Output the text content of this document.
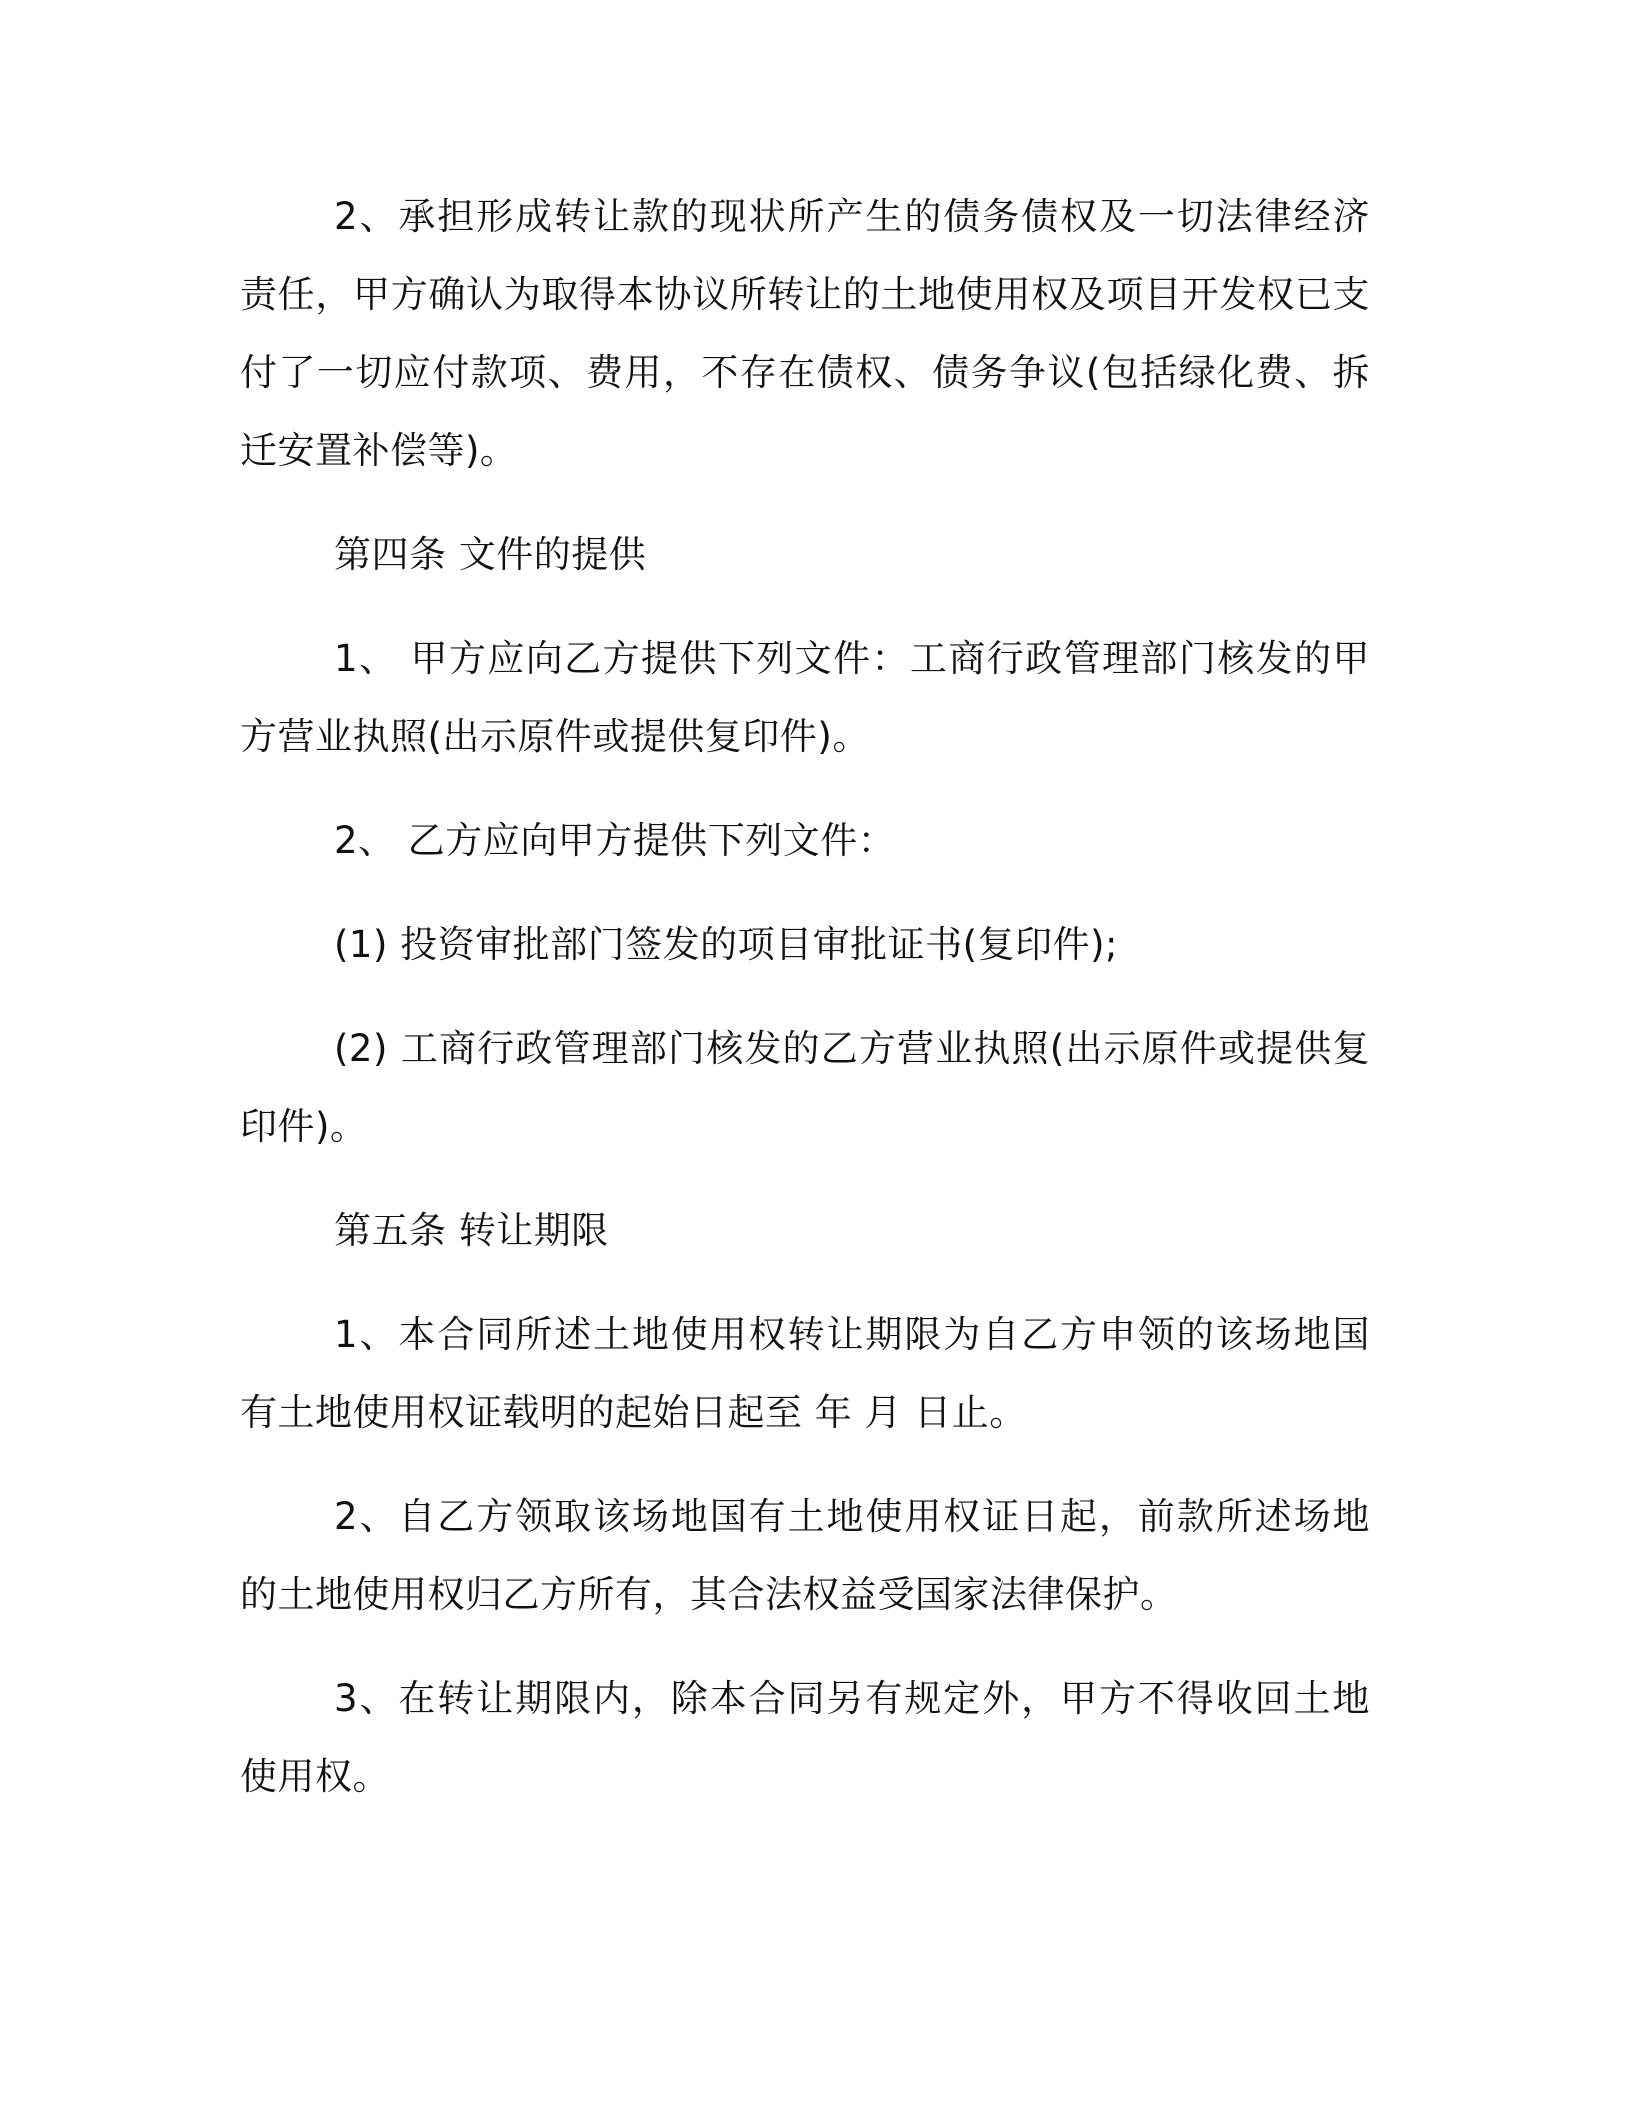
2、承担形成转让款的现状所产生的债务债权及一切法律经济责任，甲方确认为取得本协议所转让的土地使用权及项目开发权已支付了一切应付款项、费用，不存在债权、债务争议(包括绿化费、拆迁安置补偿等)。

第四条 文件的提供

1、 甲方应向乙方提供下列文件：工商行政管理部门核发的甲方营业执照(出示原件或提供复印件)。

2、 乙方应向甲方提供下列文件：

(1) 投资审批部门签发的项目审批证书(复印件);

(2) 工商行政管理部门核发的乙方营业执照(出示原件或提供复印件)。

第五条 转让期限

1、本合同所述土地使用权转让期限为自乙方申领的该场地国有土地使用权证载明的起始日起至 年 月 日止。

2、自乙方领取该场地国有土地使用权证日起，前款所述场地的土地使用权归乙方所有，其合法权益受国家法律保护。

3、在转让期限内，除本合同另有规定外，甲方不得收回土地使用权。
